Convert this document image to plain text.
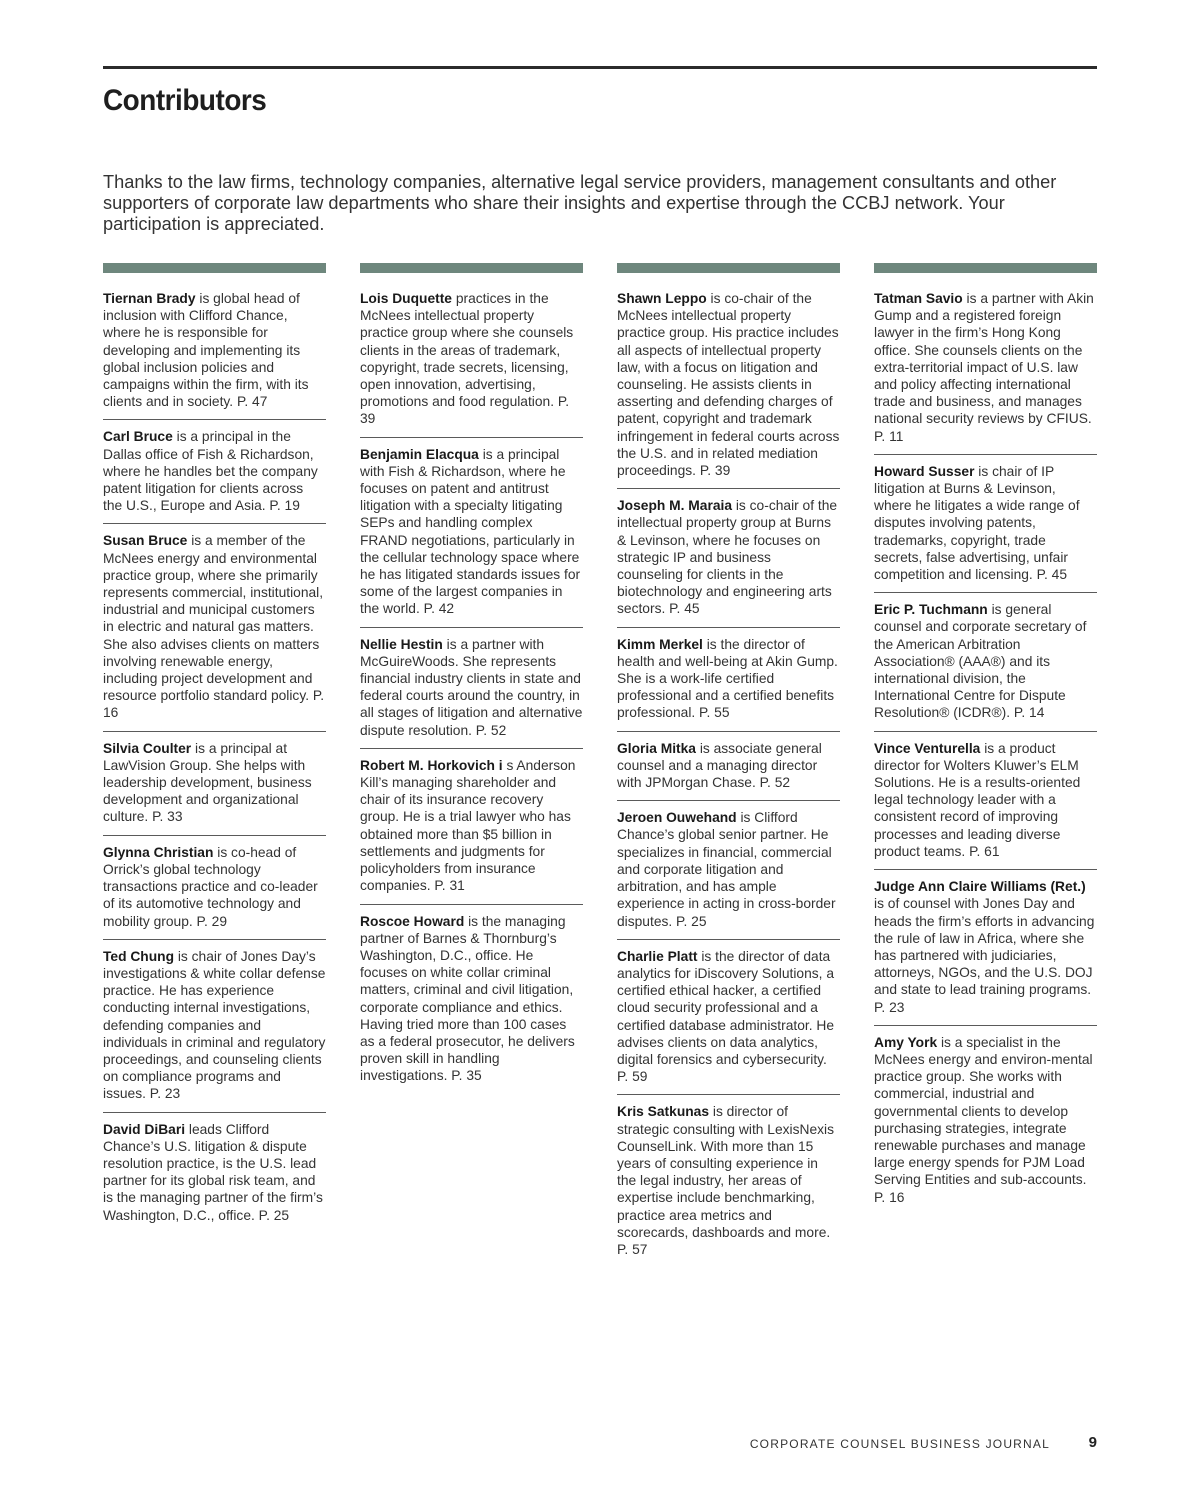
Contributors

Thanks to the law firms, technology companies, alternative legal service providers, management consultants and other supporters of corporate law departments who share their insights and expertise through the CCBJ network. Your participation is appreciated.

Tiernan Brady is global head of inclusion with Clifford Chance, where he is responsible for developing and implementing its global inclusion policies and campaigns within the firm, with its clients and in society. P. 47
Carl Bruce is a principal in the Dallas office of Fish & Richardson, where he handles bet the company patent litigation for clients across the U.S., Europe and Asia. P. 19
Susan Bruce is a member of the McNees energy and environmental practice group, where she primarily represents commercial, institutional, industrial and municipal customers in electric and natural gas matters. She also advises clients on matters involving renewable energy, including project development and resource portfolio standard policy. P. 16
Silvia Coulter is a principal at LawVision Group. She helps with leadership development, business development and organizational culture. P. 33
Glynna Christian is co-head of Orrick’s global technology transactions practice and co-leader of its automotive technology and mobility group. P. 29
Ted Chung is chair of Jones Day’s investigations & white collar defense practice. He has experience conducting internal investigations, defending companies and individuals in criminal and regulatory proceedings, and counseling clients on compliance programs and issues. P. 23
David DiBari leads Clifford Chance’s U.S. litigation & dispute resolution practice, is the U.S. lead partner for its global risk team, and is the managing partner of the firm’s Washington, D.C., office. P. 25
Lois Duquette practices in the McNees intellectual property practice group where she counsels clients in the areas of trademark, copyright, trade secrets, licensing, open innovation, advertising, promotions and food regulation. P. 39
Benjamin Elacqua is a principal with Fish & Richardson, where he focuses on patent and antitrust litigation with a specialty litigating SEPs and handling complex FRAND negotiations, particularly in the cellular technology space where he has litigated standards issues for some of the largest companies in the world. P. 42
Nellie Hestin is a partner with McGuireWoods. She represents financial industry clients in state and federal courts around the country, in all stages of litigation and alternative dispute resolution. P. 52
Robert M. Horkovich i s Anderson Kill’s managing shareholder and chair of its insurance recovery group. He is a trial lawyer who has obtained more than $5 billion in settlements and judgments for policyholders from insurance companies. P. 31
Roscoe Howard is the managing partner of Barnes & Thornburg’s Washington, D.C., office. He focuses on white collar criminal matters, criminal and civil litigation, corporate compliance and ethics. Having tried more than 100 cases as a federal prosecutor, he delivers proven skill in handling investigations. P. 35
Shawn Leppo is co-chair of the McNees intellectual property practice group. His practice includes all aspects of intellectual property law, with a focus on litigation and counseling. He assists clients in asserting and defending charges of patent, copyright and trademark infringement in federal courts across the U.S. and in related mediation proceedings. P. 39
Joseph M. Maraia is co-chair of the intellectual property group at Burns & Levinson, where he focuses on strategic IP and business counseling for clients in the biotechnology and engineering arts sectors. P. 45
Kimm Merkel is the director of health and well-being at Akin Gump. She is a work-life certified professional and a certified benefits professional. P. 55
Gloria Mitka is associate general counsel and a managing director with JPMorgan Chase. P. 52
Jeroen Ouwehand is Clifford Chance’s global senior partner. He specializes in financial, commercial and corporate litigation and arbitration, and has ample experience in acting in cross-border disputes. P. 25
Charlie Platt is the director of data analytics for iDiscovery Solutions, a certified ethical hacker, a certified cloud security professional and a certified database administrator. He advises clients on data analytics, digital forensics and cybersecurity. P. 59
Kris Satkunas is director of strategic consulting with LexisNexis CounselLink. With more than 15 years of consulting experience in the legal industry, her areas of expertise include benchmarking, practice area metrics and scorecards, dashboards and more. P. 57
Tatman Savio is a partner with Akin Gump and a registered foreign lawyer in the firm’s Hong Kong office. She counsels clients on the extra-territorial impact of U.S. law and policy affecting international trade and business, and manages national security reviews by CFIUS. P. 11
Howard Susser is chair of IP litigation at Burns & Levinson, where he litigates a wide range of disputes involving patents, trademarks, copyright, trade secrets, false advertising, unfair competition and licensing. P. 45
Eric P. Tuchmann is general counsel and corporate secretary of the American Arbitration Association® (AAA®) and its international division, the International Centre for Dispute Resolution® (ICDR®). P. 14
Vince Venturella is a product director for Wolters Kluwer’s ELM Solutions. He is a results-oriented legal technology leader with a consistent record of improving processes and leading diverse product teams. P. 61
Judge Ann Claire Williams (Ret.) is of counsel with Jones Day and heads the firm’s efforts in advancing the rule of law in Africa, where she has partnered with judiciaries, attorneys, NGOs, and the U.S. DOJ and state to lead training programs. P. 23
Amy York is a specialist in the McNees energy and environ-mental practice group. She works with commercial, industrial and governmental clients to develop purchasing strategies, integrate renewable purchases and manage large energy spends for PJM Load Serving Entities and sub-accounts. P. 16
CORPORATE COUNSEL BUSINESS JOURNAL	9
